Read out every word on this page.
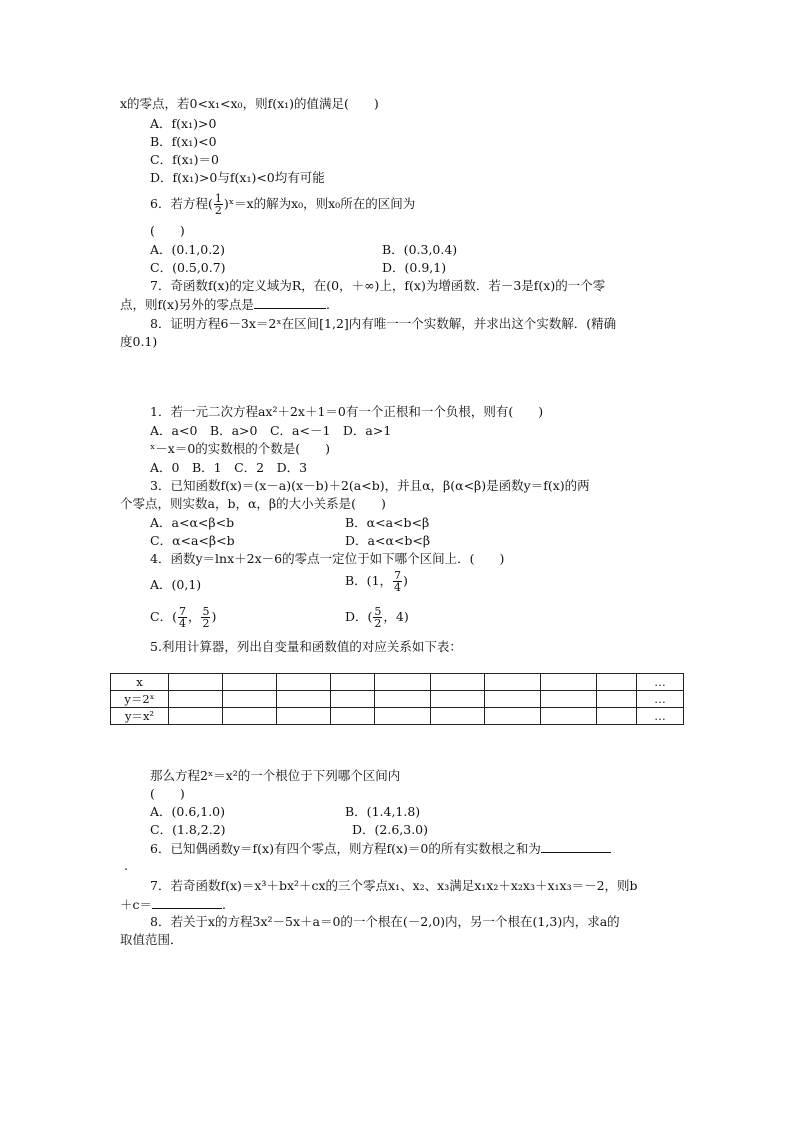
x的零点，若0<x₁<x₀，则f(x₁)的值满足(　　)
A．f(x₁)>0
B．f(x₁)<0
C．f(x₁)＝0
D．f(x₁)>0与f(x₁)<0均有可能
6．若方程( $\frac{1}{2}$ )ˣ＝x的解为x₀，则x₀所在的区间为
(　　)
A．(0.1,0.2)	B．(0.3,0.4)
C．(0.5,0.7)	D．(0.9,1)
7．奇函数f(x)的定义域为R，在(0，＋∞)上，f(x)为增函数．若－3是f(x)的一个零
点，则f(x)另外的零点是	.
8．证明方程6－3x＝2ˣ在区间[1,2]内有唯一一个实数解，并求出这个实数解．(精确
度0.1)
1．若一元二次方程ax²＋2x＋1＝0有一个正根和一个负根，则有(　　)
A．a<0　B．a>0　C．a<－1　D．a>1
ˣ－x＝0的实数根的个数是(　　)
A．0　B．1　C．2　D．3
3．已知函数f(x)＝(x－a)(x－b)＋2(a<b)，并且α，β(α<β)是函数y＝f(x)的两
个零点，则实数a，b，α，β的大小关系是(　　)
A．a<α<β<b	B．α<a<b<β
C．α<a<β<b	D．a<α<b<β
4．函数y＝lnx＋2x－6的零点一定位于如下哪个区间上．(　　)
A．(0,1)	B．(1， $\frac{7}{4}$ )
C．( $\frac{7}{4}$ ， $\frac{5}{2}$ )	D．( $\frac{5}{2}$ ，4)
5.利用计算器，列出自变量和函数值的对应关系如下表：
x										…
y＝2ˣ										…
y＝x²										…
那么方程2ˣ＝x²的一个根位于下列哪个区间内
(　　)
A．(0.6,1.0)	B．(1.4,1.8)
C．(1.8,2.2)	D．(2.6,3.0)
6．已知偶函数y＝f(x)有四个零点，则方程f(x)＝0的所有实数根之和为
.
7．若奇函数f(x)＝x³＋bx²＋cx的三个零点x₁、x₂、x₃满足x₁x₂＋x₂x₃＋x₁x₃＝－2，则b
＋c＝	.
8．若关于x的方程3x²－5x＋a＝0的一个根在(－2,0)内，另一个根在(1,3)内，求a的
取值范围．
